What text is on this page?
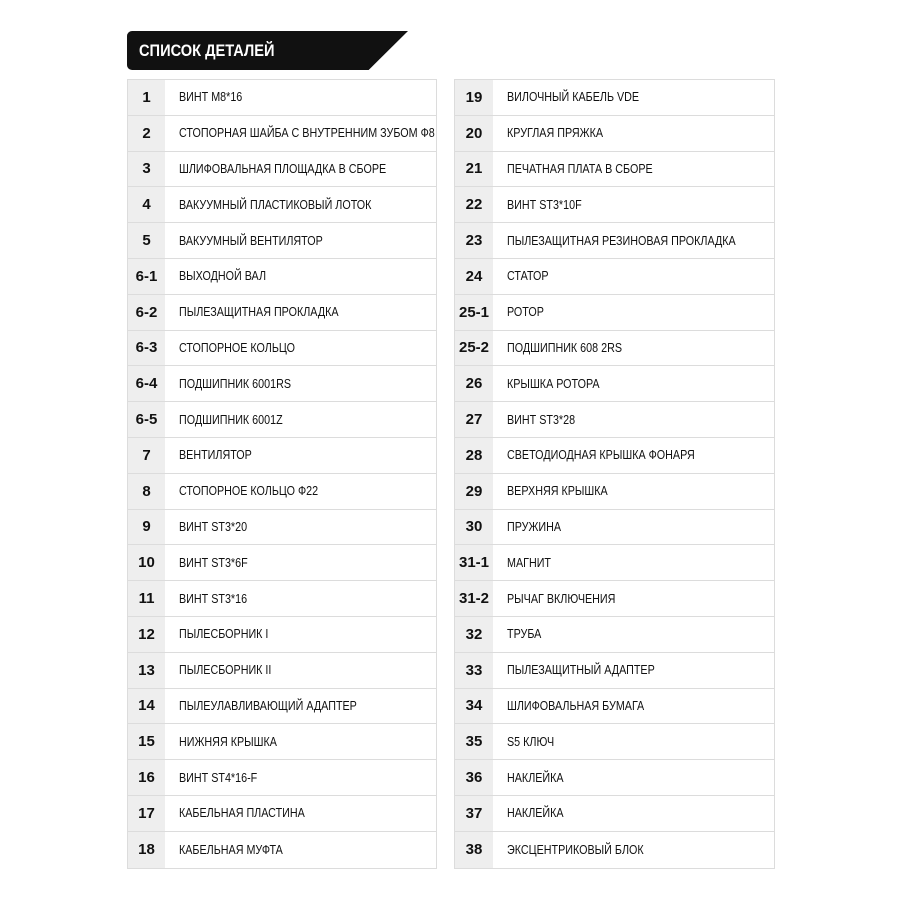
СПИСОК ДЕТАЛЕЙ
1	ВИНТ M8*16
2	СТОПОРНАЯ ШАЙБА С ВНУТРЕННИМ ЗУБОМ Ф8
3	ШЛИФОВАЛЬНАЯ ПЛОЩАДКА В СБОРЕ
4	ВАКУУМНЫЙ ПЛАСТИКОВЫЙ ЛОТОК
5	ВАКУУМНЫЙ ВЕНТИЛЯТОР
6-1	ВЫХОДНОЙ ВАЛ
6-2	ПЫЛЕЗАЩИТНАЯ ПРОКЛАДКА
6-3	СТОПОРНОЕ КОЛЬЦО
6-4	ПОДШИПНИК 6001RS
6-5	ПОДШИПНИК 6001Z
7	ВЕНТИЛЯТОР
8	СТОПОРНОЕ КОЛЬЦО Ф22
9	ВИНТ ST3*20
10	ВИНТ ST3*6F
11	ВИНТ ST3*16
12	ПЫЛЕСБОРНИК I
13	ПЫЛЕСБОРНИК II
14	ПЫЛЕУЛАВЛИВАЮЩИЙ АДАПТЕР
15	НИЖНЯЯ КРЫШКА
16	ВИНТ ST4*16-F
17	КАБЕЛЬНАЯ ПЛАСТИНА
18	КАБЕЛЬНАЯ МУФТА
19	ВИЛОЧНЫЙ КАБЕЛЬ VDE
20	КРУГЛАЯ ПРЯЖКА
21	ПЕЧАТНАЯ ПЛАТА В СБОРЕ
22	ВИНТ ST3*10F
23	ПЫЛЕЗАЩИТНАЯ РЕЗИНОВАЯ ПРОКЛАДКА
24	СТАТОР
25-1	РОТОР
25-2	ПОДШИПНИК 608 2RS
26	КРЫШКА РОТОРА
27	ВИНТ ST3*28
28	СВЕТОДИОДНАЯ КРЫШКА ФОНАРЯ
29	ВЕРХНЯЯ КРЫШКА
30	ПРУЖИНА
31-1	МАГНИТ
31-2	РЫЧАГ ВКЛЮЧЕНИЯ
32	ТРУБА
33	ПЫЛЕЗАЩИТНЫЙ АДАПТЕР
34	ШЛИФОВАЛЬНАЯ БУМАГА
35	S5 КЛЮЧ
36	НАКЛЕЙКА
37	НАКЛЕЙКА
38	ЭКСЦЕНТРИКОВЫЙ БЛОК
